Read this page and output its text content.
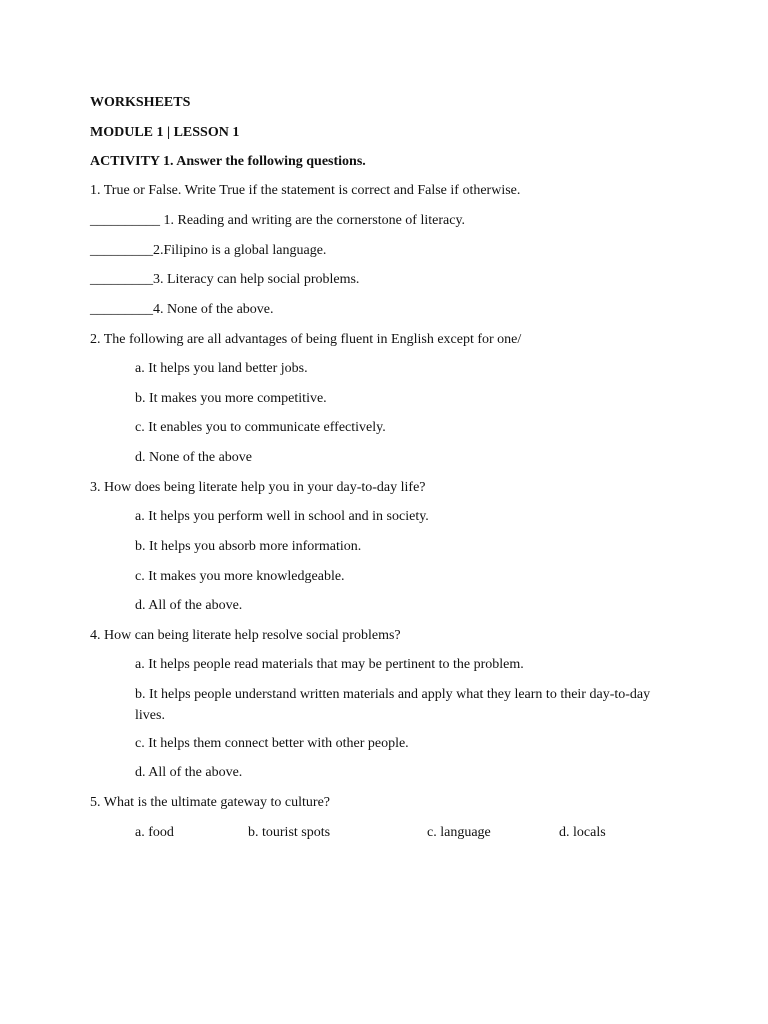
WORKSHEETS
MODULE 1 | LESSON 1
ACTIVITY 1. Answer the following questions.
1. True or False. Write True if the statement is correct and False if otherwise.
__________ 1. Reading and writing are the cornerstone of literacy.
_________2.Filipino is a global language.
_________3. Literacy can help social problems.
_________4. None of the above.
2. The following are all advantages of being fluent in English except for one/
a. It helps you land better jobs.
b. It makes you more competitive.
c. It enables you to communicate effectively.
d. None of the above
3. How does being literate help you in your day-to-day life?
a. It helps you perform well in school and in society.
b. It helps you absorb more information.
c. It makes you more knowledgeable.
d. All of the above.
4. How can being literate help resolve social problems?
a. It helps people read materials that may be pertinent to the problem.
b. It helps people understand written materials and apply what they learn to their day-to-day lives.
c. It helps them connect better with other people.
d. All of the above.
5. What is the ultimate gateway to culture?
a. food	b. tourist spots	c. language	d. locals
